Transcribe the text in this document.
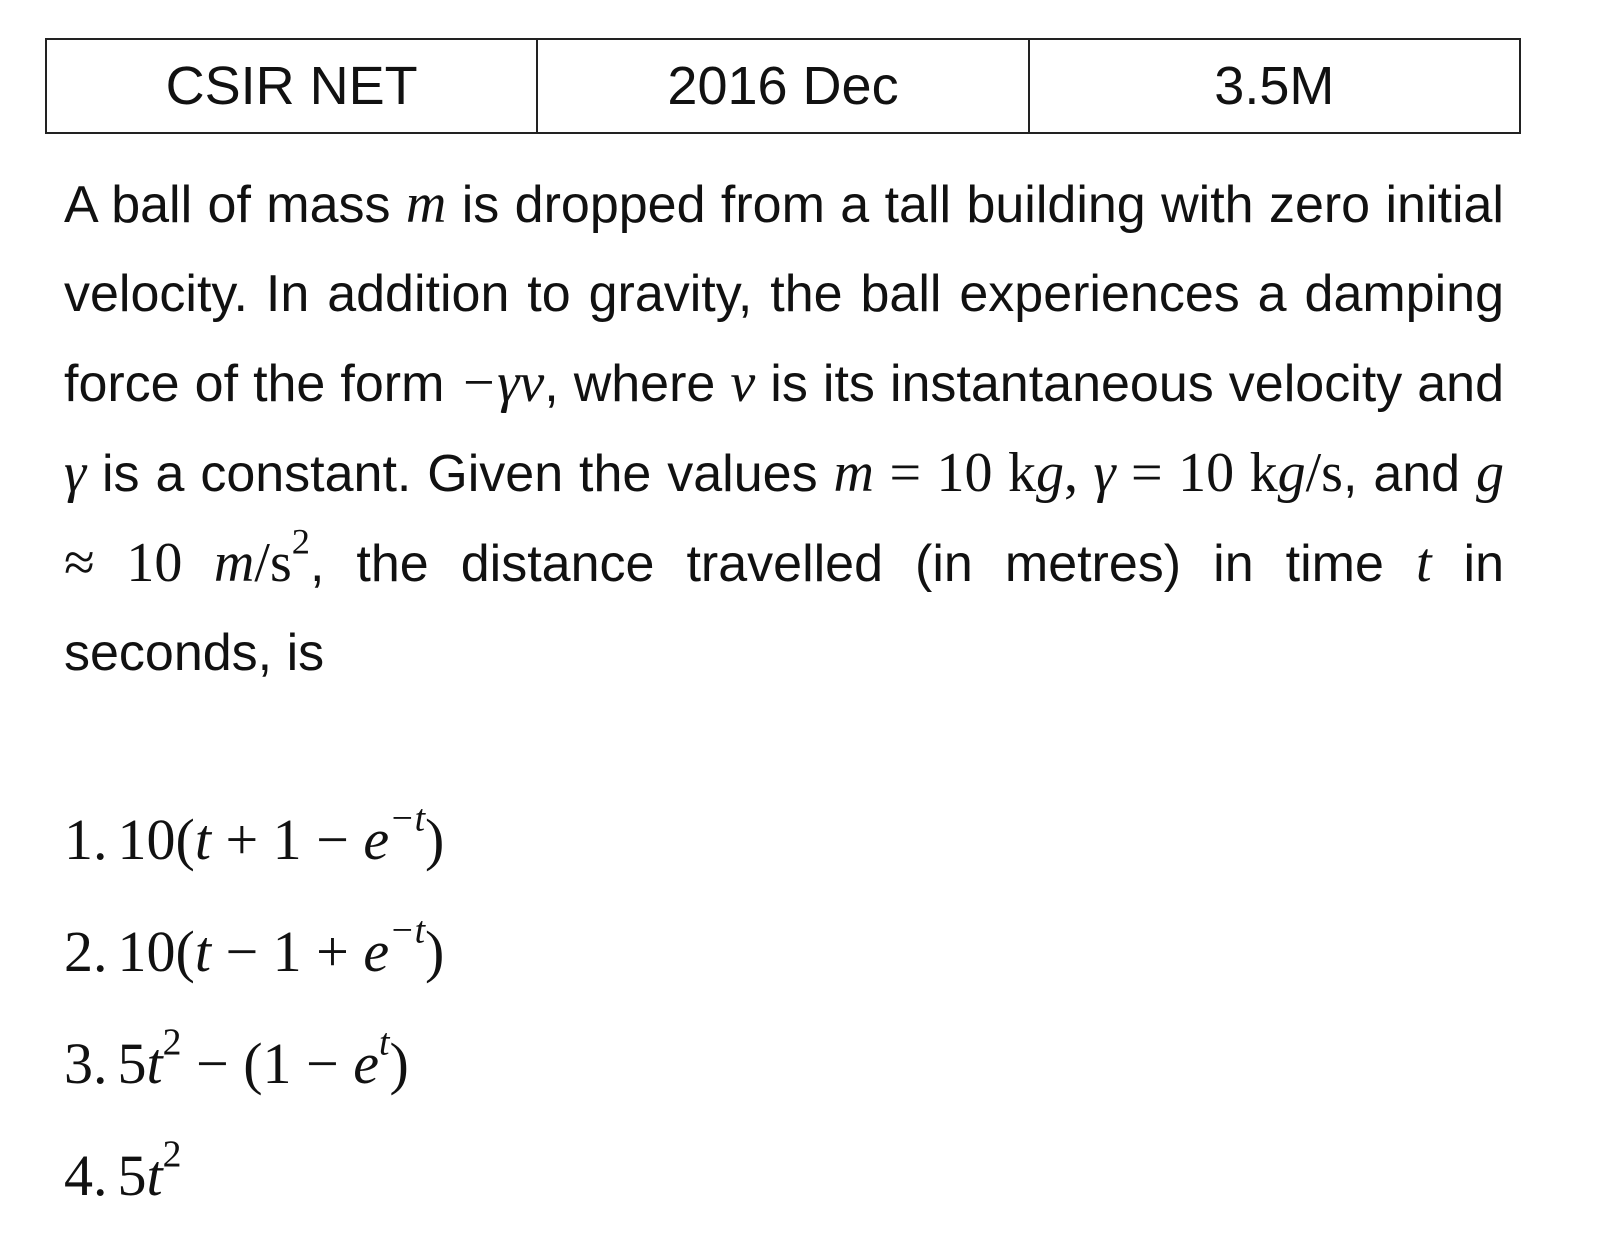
CSIR NET	2016 Dec	3.5M
A ball of mass m is dropped from a tall building with zero initial velocity. In addition to gravity, the ball experiences a damping force of the form −γv, where v is its instantaneous velocity and γ is a constant. Given the values m = 10 kg, γ = 10 kg/s, and g ≈ 10 $m/s^2$, the distance travelled (in metres) in time t in seconds, is
1. $10(t + 1 - e^{-t})$
2. $10(t - 1 + e^{-t})$
3. $5t^2 - (1 - e^t)$
4. $5t^2$
